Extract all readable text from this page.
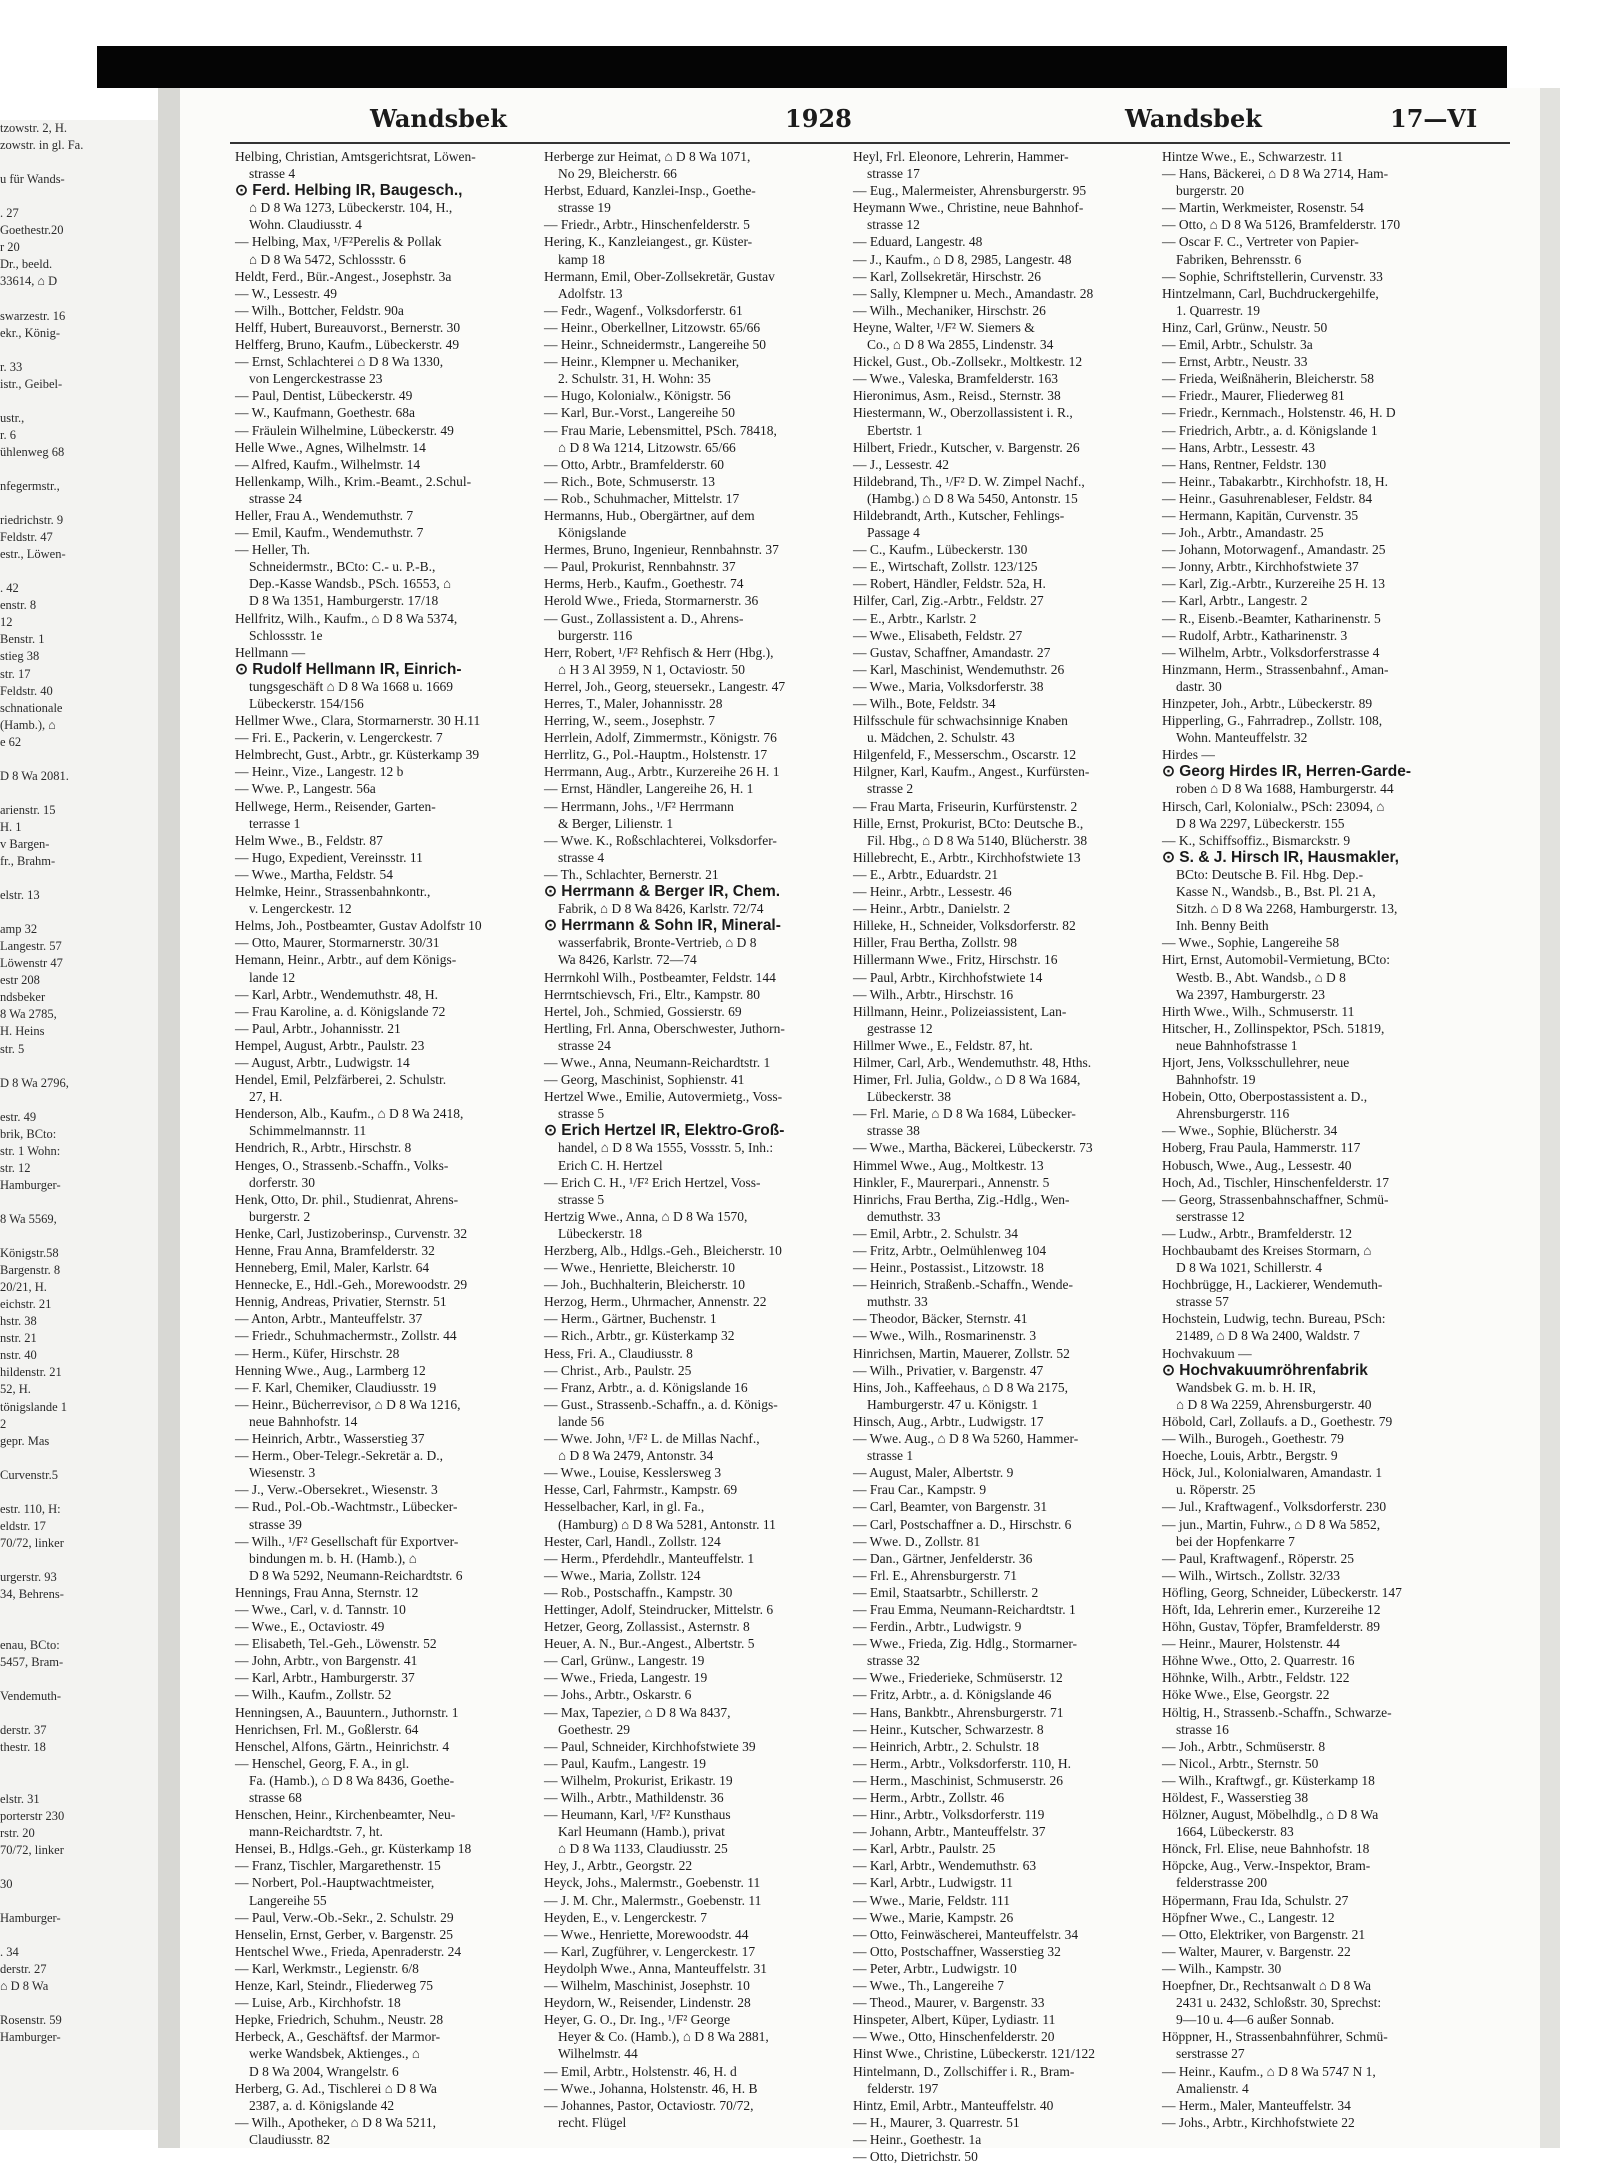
tzowstr. 2, H.
zowstr. in gl. Fa.

u für Wands-

. 27
Goethestr.20
r 20
Dr., beeld.
33614, ⌂ D

swarzestr. 16
ekr., König-

r. 33
istr., Geibel-

ustr.,
r. 6
ühlenweg 68

nfegermstr.,

riedrichstr. 9
Feldstr. 47
estr., Löwen-

. 42
enstr. 8
12
Benstr. 1
stieg 38
str. 17
Feldstr. 40
schnationale
(Hamb.), ⌂
e 62

D 8 Wa 2081.

arienstr. 15
H. 1
v Bargen-
fr., Brahm-

elstr. 13

amp 32
Langestr. 57
Löwenstr 47
estr 208
ndsbeker
8 Wa 2785,
H. Heins
str. 5

D 8 Wa 2796,

estr. 49
brik, BCto:
str. 1 Wohn:
str. 12
Hamburger-

8 Wa 5569,

Königstr.58
Bargenstr. 8
20/21, H.
eichstr. 21
hstr. 38
nstr. 21
nstr. 40
hildenstr. 21
52, H.
tönigslande 1
2
gepr. Mas

Curvenstr.5

estr. 110, H:
eldstr. 17
70/72, linker

urgerstr. 93
34, Behrens-

enau, BCto:
5457, Bram-

Vendemuth-

derstr. 37
thestr. 18

elstr. 31
porterstr 230
rstr. 20
70/72, linker

30

Hamburger-

. 34
derstr. 27
⌂ D 8 Wa

Rosenstr. 59
Hamburger-

Wandsbek	1928	Wandsbek	17—VI
Helbing, Christian, Amtsgerichtsrat, Löwen-
strasse 4
⊙ Ferd. Helbing IR, Baugesch.,
⌂ D 8 Wa 1273, Lübeckerstr. 104, H.,
Wohn. Claudiusstr. 4
— Helbing, Max, ¹/F²Perelis & Pollak
⌂ D 8 Wa 5472, Schlossstr. 6
Heldt, Ferd., Bür.-Angest., Josephstr. 3a
— W., Lessestr. 49
— Wilh., Bottcher, Feldstr. 90a
Helff, Hubert, Bureauvorst., Bernerstr. 30
Helfferg, Bruno, Kaufm., Lübeckerstr. 49
— Ernst, Schlachterei ⌂ D 8 Wa 1330,
von Lengerckestrasse 23
— Paul, Dentist, Lübeckerstr. 49
— W., Kaufmann, Goethestr. 68a
— Fräulein Wilhelmine, Lübeckerstr. 49
Helle Wwe., Agnes, Wilhelmstr. 14
— Alfred, Kaufm., Wilhelmstr. 14
Hellenkamp, Wilh., Krim.-Beamt., 2.Schul-
strasse 24
Heller, Frau A., Wendemuthstr. 7
— Emil, Kaufm., Wendemuthstr. 7
— Heller, Th.
Schneidermstr., BCto: C.- u. P.-B.,
Dep.-Kasse Wandsb., PSch. 16553, ⌂
D 8 Wa 1351, Hamburgerstr. 17/18
Hellfritz, Wilh., Kaufm., ⌂ D 8 Wa 5374,
Schlossstr. 1e
Hellmann —
⊙ Rudolf Hellmann IR, Einrich-
tungsgeschäft ⌂ D 8 Wa 1668 u. 1669
Lübeckerstr. 154/156
Hellmer Wwe., Clara, Stormarnerstr. 30 H.11
— Fri. E., Packerin, v. Lengerckestr. 7
Helmbrecht, Gust., Arbtr., gr. Küsterkamp 39
— Heinr., Vize., Langestr. 12 b
— Wwe. P., Langestr. 56a
Hellwege, Herm., Reisender, Garten-
terrasse 1
Helm Wwe., B., Feldstr. 87
— Hugo, Expedient, Vereinsstr. 11
— Wwe., Martha, Feldstr. 54
Helmke, Heinr., Strassenbahnkontr.,
v. Lengerckestr. 12
Helms, Joh., Postbeamter, Gustav Adolfstr 10
— Otto, Maurer, Stormarnerstr. 30/31
Hemann, Heinr., Arbtr., auf dem Königs-
lande 12
— Karl, Arbtr., Wendemuthstr. 48, H.
— Frau Karoline, a. d. Königslande 72
— Paul, Arbtr., Johannisstr. 21
Hempel, August, Arbtr., Paulstr. 23
— August, Arbtr., Ludwigstr. 14
Hendel, Emil, Pelzfärberei, 2. Schulstr.
27, H.
Henderson, Alb., Kaufm., ⌂ D 8 Wa 2418,
Schimmelmannstr. 11
Hendrich, R., Arbtr., Hirschstr. 8
Henges, O., Strassenb.-Schaffn., Volks-
dorferstr. 30
Henk, Otto, Dr. phil., Studienrat, Ahrens-
burgerstr. 2
Henke, Carl, Justizoberinsp., Curvenstr. 32
Henne, Frau Anna, Bramfelderstr. 32
Henneberg, Emil, Maler, Karlstr. 64
Hennecke, E., Hdl.-Geh., Morewoodstr. 29
Hennig, Andreas, Privatier, Sternstr. 51
— Anton, Arbtr., Manteuffelstr. 37
— Friedr., Schuhmachermstr., Zollstr. 44
— Herm., Küfer, Hirschstr. 28
Henning Wwe., Aug., Larmberg 12
— F. Karl, Chemiker, Claudiusstr. 19
— Heinr., Bücherrevisor, ⌂ D 8 Wa 1216,
neue Bahnhofstr. 14
— Heinrich, Arbtr., Wasserstieg 37
— Herm., Ober-Telegr.-Sekretär a. D.,
Wiesenstr. 3
— J., Verw.-Obersekret., Wiesenstr. 3
— Rud., Pol.-Ob.-Wachtmstr., Lübecker-
strasse 39
— Wilh., ¹/F² Gesellschaft für Exportver-
bindungen m. b. H. (Hamb.), ⌂
D 8 Wa 5292, Neumann-Reichardtstr. 6
Hennings, Frau Anna, Sternstr. 12
— Wwe., Carl, v. d. Tannstr. 10
— Wwe., E., Octaviostr. 49
— Elisabeth, Tel.-Geh., Löwenstr. 52
— John, Arbtr., von Bargenstr. 41
— Karl, Arbtr., Hamburgerstr. 37
— Wilh., Kaufm., Zollstr. 52
Henningsen, A., Bauuntern., Juthornstr. 1
Henrichsen, Frl. M., Goßlerstr. 64
Henschel, Alfons, Gärtn., Heinrichstr. 4
— Henschel, Georg, F. A., in gl.
Fa. (Hamb.), ⌂ D 8 Wa 8436, Goethe-
strasse 68
Henschen, Heinr., Kirchenbeamter, Neu-
mann-Reichardtstr. 7, ht.
Hensei, B., Hdlgs.-Geh., gr. Küsterkamp 18
— Franz, Tischler, Margarethenstr. 15
— Norbert, Pol.-Hauptwachtmeister,
Langereihe 55
— Paul, Verw.-Ob.-Sekr., 2. Schulstr. 29
Henselin, Ernst, Gerber, v. Bargenstr. 25
Hentschel Wwe., Frieda, Apenraderstr. 24
— Karl, Werkmstr., Legienstr. 6/8
Henze, Karl, Steindr., Fliederweg 75
— Luise, Arb., Kirchhofstr. 18
Hepke, Friedrich, Schuhm., Neustr. 28
Herbeck, A., Geschäftsf. der Marmor-
werke Wandsbek, Aktienges., ⌂
D 8 Wa 2004, Wrangelstr. 6
Herberg, G. Ad., Tischlerei ⌂ D 8 Wa
2387, a. d. Königslande 42
— Wilh., Apotheker, ⌂ D 8 Wa 5211,
Claudiusstr. 82
Herberge zur Heimat, ⌂ D 8 Wa 1071,
No 29, Bleicherstr. 66
Herbst, Eduard, Kanzlei-Insp., Goethe-
strasse 19
— Friedr., Arbtr., Hinschenfelderstr. 5
Hering, K., Kanzleiangest., gr. Küster-
kamp 18
Hermann, Emil, Ober-Zollsekretär, Gustav
Adolfstr. 13
— Fedr., Wagenf., Volksdorferstr. 61
— Heinr., Oberkellner, Litzowstr. 65/66
— Heinr., Schneidermstr., Langereihe 50
— Heinr., Klempner u. Mechaniker,
2. Schulstr. 31, H. Wohn: 35
— Hugo, Kolonialw., Königstr. 56
— Karl, Bur.-Vorst., Langereihe 50
— Frau Marie, Lebensmittel, PSch. 78418,
⌂ D 8 Wa 1214, Litzowstr. 65/66
— Otto, Arbtr., Bramfelderstr. 60
— Rich., Bote, Schmuserstr. 13
— Rob., Schuhmacher, Mittelstr. 17
Hermanns, Hub., Obergärtner, auf dem
Königslande
Hermes, Bruno, Ingenieur, Rennbahnstr. 37
— Paul, Prokurist, Rennbahnstr. 37
Herms, Herb., Kaufm., Goethestr. 74
Herold Wwe., Frieda, Stormarnerstr. 36
— Gust., Zollassistent a. D., Ahrens-
burgerstr. 116
Herr, Robert, ¹/F² Rehfisch & Herr (Hbg.),
⌂ H 3 Al 3959, N 1, Octaviostr. 50
Herrel, Joh., Georg, steuersekr., Langestr. 47
Herres, T., Maler, Johannisstr. 28
Herring, W., seem., Josephstr. 7
Herrlein, Adolf, Zimmermstr., Königstr. 76
Herrlitz, G., Pol.-Hauptm., Holstenstr. 17
Herrmann, Aug., Arbtr., Kurzereihe 26 H. 1
— Ernst, Händler, Langereihe 26, H. 1
— Herrmann, Johs., ¹/F² Herrmann
& Berger, Lilienstr. 1
— Wwe. K., Roßschlachterei, Volksdorfer-
strasse 4
— Th., Schlachter, Bernerstr. 21
⊙ Herrmann & Berger IR, Chem.
Fabrik, ⌂ D 8 Wa 8426, Karlstr. 72/74
⊙ Herrmann & Sohn IR, Mineral-
wasserfabrik, Bronte-Vertrieb, ⌂ D 8
Wa 8426, Karlstr. 72—74
Herrnkohl Wilh., Postbeamter, Feldstr. 144
Herrntschievsch, Fri., Eltr., Kampstr. 80
Hertel, Joh., Schmied, Gossierstr. 69
Hertling, Frl. Anna, Oberschwester, Juthorn-
strasse 24
— Wwe., Anna, Neumann-Reichardtstr. 1
— Georg, Maschinist, Sophienstr. 41
Hertzel Wwe., Emilie, Autovermietg., Voss-
strasse 5
⊙ Erich Hertzel IR, Elektro-Groß-
handel, ⌂ D 8 Wa 1555, Vossstr. 5, Inh.:
Erich C. H. Hertzel
— Erich C. H., ¹/F² Erich Hertzel, Voss-
strasse 5
Hertzig Wwe., Anna, ⌂ D 8 Wa 1570,
Lübeckerstr. 18
Herzberg, Alb., Hdlgs.-Geh., Bleicherstr. 10
— Wwe., Henriette, Bleicherstr. 10
— Joh., Buchhalterin, Bleicherstr. 10
Herzog, Herm., Uhrmacher, Annenstr. 22
— Herm., Gärtner, Buchenstr. 1
— Rich., Arbtr., gr. Küsterkamp 32
Hess, Fri. A., Claudiusstr. 8
— Christ., Arb., Paulstr. 25
— Franz, Arbtr., a. d. Königslande 16
— Gust., Strassenb.-Schaffn., a. d. Königs-
lande 56
— Wwe. John, ¹/F² L. de Millas Nachf.,
⌂ D 8 Wa 2479, Antonstr. 34
— Wwe., Louise, Kesslersweg 3
Hesse, Carl, Fahrmstr., Kampstr. 69
Hesselbacher, Karl, in gl. Fa.,
(Hamburg) ⌂ D 8 Wa 5281, Antonstr. 11
Hester, Carl, Handl., Zollstr. 124
— Herm., Pferdehdlr., Manteuffelstr. 1
— Wwe., Maria, Zollstr. 124
— Rob., Postschaffn., Kampstr. 30
Hettinger, Adolf, Steindrucker, Mittelstr. 6
Hetzer, Georg, Zollassist., Asternstr. 8
Heuer, A. N., Bur.-Angest., Albertstr. 5
— Carl, Grünw., Langestr. 19
— Wwe., Frieda, Langestr. 19
— Johs., Arbtr., Oskarstr. 6
— Max, Tapezier, ⌂ D 8 Wa 8437,
Goethestr. 29
— Paul, Schneider, Kirchhofstwiete 39
— Paul, Kaufm., Langestr. 19
— Wilhelm, Prokurist, Erikastr. 19
— Wilh., Arbtr., Mathildenstr. 36
— Heumann, Karl, ¹/F² Kunsthaus
Karl Heumann (Hamb.), privat
⌂ D 8 Wa 1133, Claudiusstr. 25
Hey, J., Arbtr., Georgstr. 22
Heyck, Johs., Malermstr., Goebenstr. 11
— J. M. Chr., Malermstr., Goebenstr. 11
Heyden, E., v. Lengerckestr. 7
— Wwe., Henriette, Morewoodstr. 44
— Karl, Zugführer, v. Lengerckestr. 17
Heydolph Wwe., Anna, Manteuffelstr. 31
— Wilhelm, Maschinist, Josephstr. 10
Heydorn, W., Reisender, Lindenstr. 28
Heyer, G. O., Dr. Ing., ¹/F² George
Heyer & Co. (Hamb.), ⌂ D 8 Wa 2881,
Wilhelmstr. 44
— Emil, Arbtr., Holstenstr. 46, H. d
— Wwe., Johanna, Holstenstr. 46, H. B
— Johannes, Pastor, Octaviostr. 70/72,
recht. Flügel
Heyl, Frl. Eleonore, Lehrerin, Hammer-
strasse 17
— Eug., Malermeister, Ahrensburgerstr. 95
Heymann Wwe., Christine, neue Bahnhof-
strasse 12
— Eduard, Langestr. 48
— J., Kaufm., ⌂ D 8, 2985, Langestr. 48
— Karl, Zollsekretär, Hirschstr. 26
— Sally, Klempner u. Mech., Amandastr. 28
— Wilh., Mechaniker, Hirschstr. 26
Heyne, Walter, ¹/F² W. Siemers &
Co., ⌂ D 8 Wa 2855, Lindenstr. 34
Hickel, Gust., Ob.-Zollsekr., Moltkestr. 12
— Wwe., Valeska, Bramfelderstr. 163
Hieronimus, Asm., Reisd., Sternstr. 38
Hiestermann, W., Oberzollassistent i. R.,
Ebertstr. 1
Hilbert, Friedr., Kutscher, v. Bargenstr. 26
— J., Lessestr. 42
Hildebrand, Th., ¹/F² D. W. Zimpel Nachf.,
(Hambg.) ⌂ D 8 Wa 5450, Antonstr. 15
Hildebrandt, Arth., Kutscher, Fehlings-
Passage 4
— C., Kaufm., Lübeckerstr. 130
— E., Wirtschaft, Zollstr. 123/125
— Robert, Händler, Feldstr. 52a, H.
Hilfer, Carl, Zig.-Arbtr., Feldstr. 27
— E., Arbtr., Karlstr. 2
— Wwe., Elisabeth, Feldstr. 27
— Gustav, Schaffner, Amandastr. 27
— Karl, Maschinist, Wendemuthstr. 26
— Wwe., Maria, Volksdorferstr. 38
— Wilh., Bote, Feldstr. 34
Hilfsschule für schwachsinnige Knaben
u. Mädchen, 2. Schulstr. 43
Hilgenfeld, F., Messerschm., Oscarstr. 12
Hilgner, Karl, Kaufm., Angest., Kurfürsten-
strasse 2
— Frau Marta, Friseurin, Kurfürstenstr. 2
Hille, Ernst, Prokurist, BCto: Deutsche B.,
Fil. Hbg., ⌂ D 8 Wa 5140, Blücherstr. 38
Hillebrecht, E., Arbtr., Kirchhofstwiete 13
— E., Arbtr., Eduardstr. 21
— Heinr., Arbtr., Lessestr. 46
— Heinr., Arbtr., Danielstr. 2
Hilleke, H., Schneider, Volksdorferstr. 82
Hiller, Frau Bertha, Zollstr. 98
Hillermann Wwe., Fritz, Hirschstr. 16
— Paul, Arbtr., Kirchhofstwiete 14
— Wilh., Arbtr., Hirschstr. 16
Hillmann, Heinr., Polizeiassistent, Lan-
gestrasse 12
Hillmer Wwe., E., Feldstr. 87, ht.
Hilmer, Carl, Arb., Wendemuthstr. 48, Hths.
Himer, Frl. Julia, Goldw., ⌂ D 8 Wa 1684,
Lübeckerstr. 38
— Frl. Marie, ⌂ D 8 Wa 1684, Lübecker-
strasse 38
— Wwe., Martha, Bäckerei, Lübeckerstr. 73
Himmel Wwe., Aug., Moltkestr. 13
Hinkler, F., Maurerpari., Annenstr. 5
Hinrichs, Frau Bertha, Zig.-Hdlg., Wen-
demuthstr. 33
— Emil, Arbtr., 2. Schulstr. 34
— Fritz, Arbtr., Oelmühlenweg 104
— Heinr., Postassist., Litzowstr. 18
— Heinrich, Straßenb.-Schaffn., Wende-
muthstr. 33
— Theodor, Bäcker, Sternstr. 41
— Wwe., Wilh., Rosmarinenstr. 3
Hinrichsen, Martin, Mauerer, Zollstr. 52
— Wilh., Privatier, v. Bargenstr. 47
Hins, Joh., Kaffeehaus, ⌂ D 8 Wa 2175,
Hamburgerstr. 47 u. Königstr. 1
Hinsch, Aug., Arbtr., Ludwigstr. 17
— Wwe. Aug., ⌂ D 8 Wa 5260, Hammer-
strasse 1
— August, Maler, Albertstr. 9
— Frau Car., Kampstr. 9
— Carl, Beamter, von Bargenstr. 31
— Carl, Postschaffner a. D., Hirschstr. 6
— Wwe. D., Zollstr. 81
— Dan., Gärtner, Jenfelderstr. 36
— Frl. E., Ahrensburgerstr. 71
— Emil, Staatsarbtr., Schillerstr. 2
— Frau Emma, Neumann-Reichardtstr. 1
— Ferdin., Arbtr., Ludwigstr. 9
— Wwe., Frieda, Zig. Hdlg., Stormarner-
strasse 32
— Wwe., Friederieke, Schmüserstr. 12
— Fritz, Arbtr., a. d. Königslande 46
— Hans, Bankbtr., Ahrensburgerstr. 71
— Heinr., Kutscher, Schwarzestr. 8
— Heinrich, Arbtr., 2. Schulstr. 18
— Herm., Arbtr., Volksdorferstr. 110, H.
— Herm., Maschinist, Schmuserstr. 26
— Herm., Arbtr., Zollstr. 46
— Hinr., Arbtr., Volksdorferstr. 119
— Johann, Arbtr., Manteuffelstr. 37
— Karl, Arbtr., Paulstr. 25
— Karl, Arbtr., Wendemuthstr. 63
— Karl, Arbtr., Ludwigstr. 11
— Wwe., Marie, Feldstr. 111
— Wwe., Marie, Kampstr. 26
— Otto, Feinwäscherei, Manteuffelstr. 34
— Otto, Postschaffner, Wasserstieg 32
— Peter, Arbtr., Ludwigstr. 10
— Wwe., Th., Langereihe 7
— Theod., Maurer, v. Bargenstr. 33
Hinspeter, Albert, Küper, Lydiastr. 11
— Wwe., Otto, Hinschenfelderstr. 20
Hinst Wwe., Christine, Lübeckerstr. 121/122
Hintelmann, D., Zollschiffer i. R., Bram-
felderstr. 197
Hintz, Emil, Arbtr., Manteuffelstr. 40
— H., Maurer, 3. Quarrestr. 51
— Heinr., Goethestr. 1a
— Otto, Dietrichstr. 50
Hintze Wwe., E., Schwarzestr. 11
— Hans, Bäckerei, ⌂ D 8 Wa 2714, Ham-
burgerstr. 20
— Martin, Werkmeister, Rosenstr. 54
— Otto, ⌂ D 8 Wa 5126, Bramfelderstr. 170
— Oscar F. C., Vertreter von Papier-
Fabriken, Behrensstr. 6
— Sophie, Schriftstellerin, Curvenstr. 33
Hintzelmann, Carl, Buchdruckergehilfe,
1. Quarrestr. 19
Hinz, Carl, Grünw., Neustr. 50
— Emil, Arbtr., Schulstr. 3a
— Ernst, Arbtr., Neustr. 33
— Frieda, Weißnäherin, Bleicherstr. 58
— Friedr., Maurer, Fliederweg 81
— Friedr., Kernmach., Holstenstr. 46, H. D
— Friedrich, Arbtr., a. d. Königslande 1
— Hans, Arbtr., Lessestr. 43
— Hans, Rentner, Feldstr. 130
— Heinr., Tabakarbtr., Kirchhofstr. 18, H.
— Heinr., Gasuhrenableser, Feldstr. 84
— Hermann, Kapitän, Curvenstr. 35
— Joh., Arbtr., Amandastr. 25
— Johann, Motorwagenf., Amandastr. 25
— Jonny, Arbtr., Kirchhofstwiete 37
— Karl, Zig.-Arbtr., Kurzereihe 25 H. 13
— Karl, Arbtr., Langestr. 2
— R., Eisenb.-Beamter, Katharinenstr. 5
— Rudolf, Arbtr., Katharinenstr. 3
— Wilhelm, Arbtr., Volksdorferstrasse 4
Hinzmann, Herm., Strassenbahnf., Aman-
dastr. 30
Hinzpeter, Joh., Arbtr., Lübeckerstr. 89
Hipperling, G., Fahrradrep., Zollstr. 108,
Wohn. Manteuffelstr. 32
Hirdes —
⊙ Georg Hirdes IR, Herren-Garde-
roben ⌂ D 8 Wa 1688, Hamburgerstr. 44
Hirsch, Carl, Kolonialw., PSch: 23094, ⌂
D 8 Wa 2297, Lübeckerstr. 155
— K., Schiffsoffiz., Bismarckstr. 9
⊙ S. & J. Hirsch IR, Hausmakler,
BCto: Deutsche B. Fil. Hbg. Dep.-
Kasse N., Wandsb., B., Bst. Pl. 21 A,
Sitzh. ⌂ D 8 Wa 2268, Hamburgerstr. 13,
Inh. Benny Beith
— Wwe., Sophie, Langereihe 58
Hirt, Ernst, Automobil-Vermietung, BCto:
Westb. B., Abt. Wandsb., ⌂ D 8
Wa 2397, Hamburgerstr. 23
Hirth Wwe., Wilh., Schmuserstr. 11
Hitscher, H., Zollinspektor, PSch. 51819,
neue Bahnhofstrasse 1
Hjort, Jens, Volksschullehrer, neue
Bahnhofstr. 19
Hobein, Otto, Oberpostassistent a. D.,
Ahrensburgerstr. 116
— Wwe., Sophie, Blücherstr. 34
Hoberg, Frau Paula, Hammerstr. 117
Hobusch, Wwe., Aug., Lessestr. 40
Hoch, Ad., Tischler, Hinschenfelderstr. 17
— Georg, Strassenbahnschaffner, Schmü-
serstrasse 12
— Ludw., Arbtr., Bramfelderstr. 12
Hochbaubamt des Kreises Stormarn, ⌂
D 8 Wa 1021, Schillerstr. 4
Hochbrügge, H., Lackierer, Wendemuth-
strasse 57
Hochstein, Ludwig, techn. Bureau, PSch:
21489, ⌂ D 8 Wa 2400, Waldstr. 7
Hochvakuum —
⊙ Hochvakuumröhrenfabrik
Wandsbek G. m. b. H. IR,
⌂ D 8 Wa 2259, Ahrensburgerstr. 40
Höbold, Carl, Zollaufs. a D., Goethestr. 79
— Wilh., Burogeh., Goethestr. 79
Hoeche, Louis, Arbtr., Bergstr. 9
Höck, Jul., Kolonialwaren, Amandastr. 1
u. Röperstr. 25
— Jul., Kraftwagenf., Volksdorferstr. 230
— jun., Martin, Fuhrw., ⌂ D 8 Wa 5852,
bei der Hopfenkarre 7
— Paul, Kraftwagenf., Röperstr. 25
— Wilh., Wirtsch., Zollstr. 32/33
Höfling, Georg, Schneider, Lübeckerstr. 147
Höft, Ida, Lehrerin emer., Kurzereihe 12
Höhn, Gustav, Töpfer, Bramfelderstr. 89
— Heinr., Maurer, Holstenstr. 44
Höhne Wwe., Otto, 2. Quarrestr. 16
Höhnke, Wilh., Arbtr., Feldstr. 122
Höke Wwe., Else, Georgstr. 22
Höltig, H., Strassenb.-Schaffn., Schwarze-
strasse 16
— Joh., Arbtr., Schmüserstr. 8
— Nicol., Arbtr., Sternstr. 50
— Wilh., Kraftwgf., gr. Küsterkamp 18
Höldest, F., Wasserstieg 38
Hölzner, August, Möbelhdlg., ⌂ D 8 Wa
1664, Lübeckerstr. 83
Hönck, Frl. Elise, neue Bahnhofstr. 18
Höpcke, Aug., Verw.-Inspektor, Bram-
felderstrasse 200
Höpermann, Frau Ida, Schulstr. 27
Höpfner Wwe., C., Langestr. 12
— Otto, Elektriker, von Bargenstr. 21
— Walter, Maurer, v. Bargenstr. 22
— Wilh., Kampstr. 30
Hoepfner, Dr., Rechtsanwalt ⌂ D 8 Wa
2431 u. 2432, Schloßstr. 30, Sprechst:
9—10 u. 4—6 außer Sonnab.
Höppner, H., Strassenbahnführer, Schmü-
serstrasse 27
— Heinr., Kaufm., ⌂ D 8 Wa 5747 N 1,
Amalienstr. 4
— Herm., Maler, Manteuffelstr. 34
— Johs., Arbtr., Kirchhofstwiete 22
